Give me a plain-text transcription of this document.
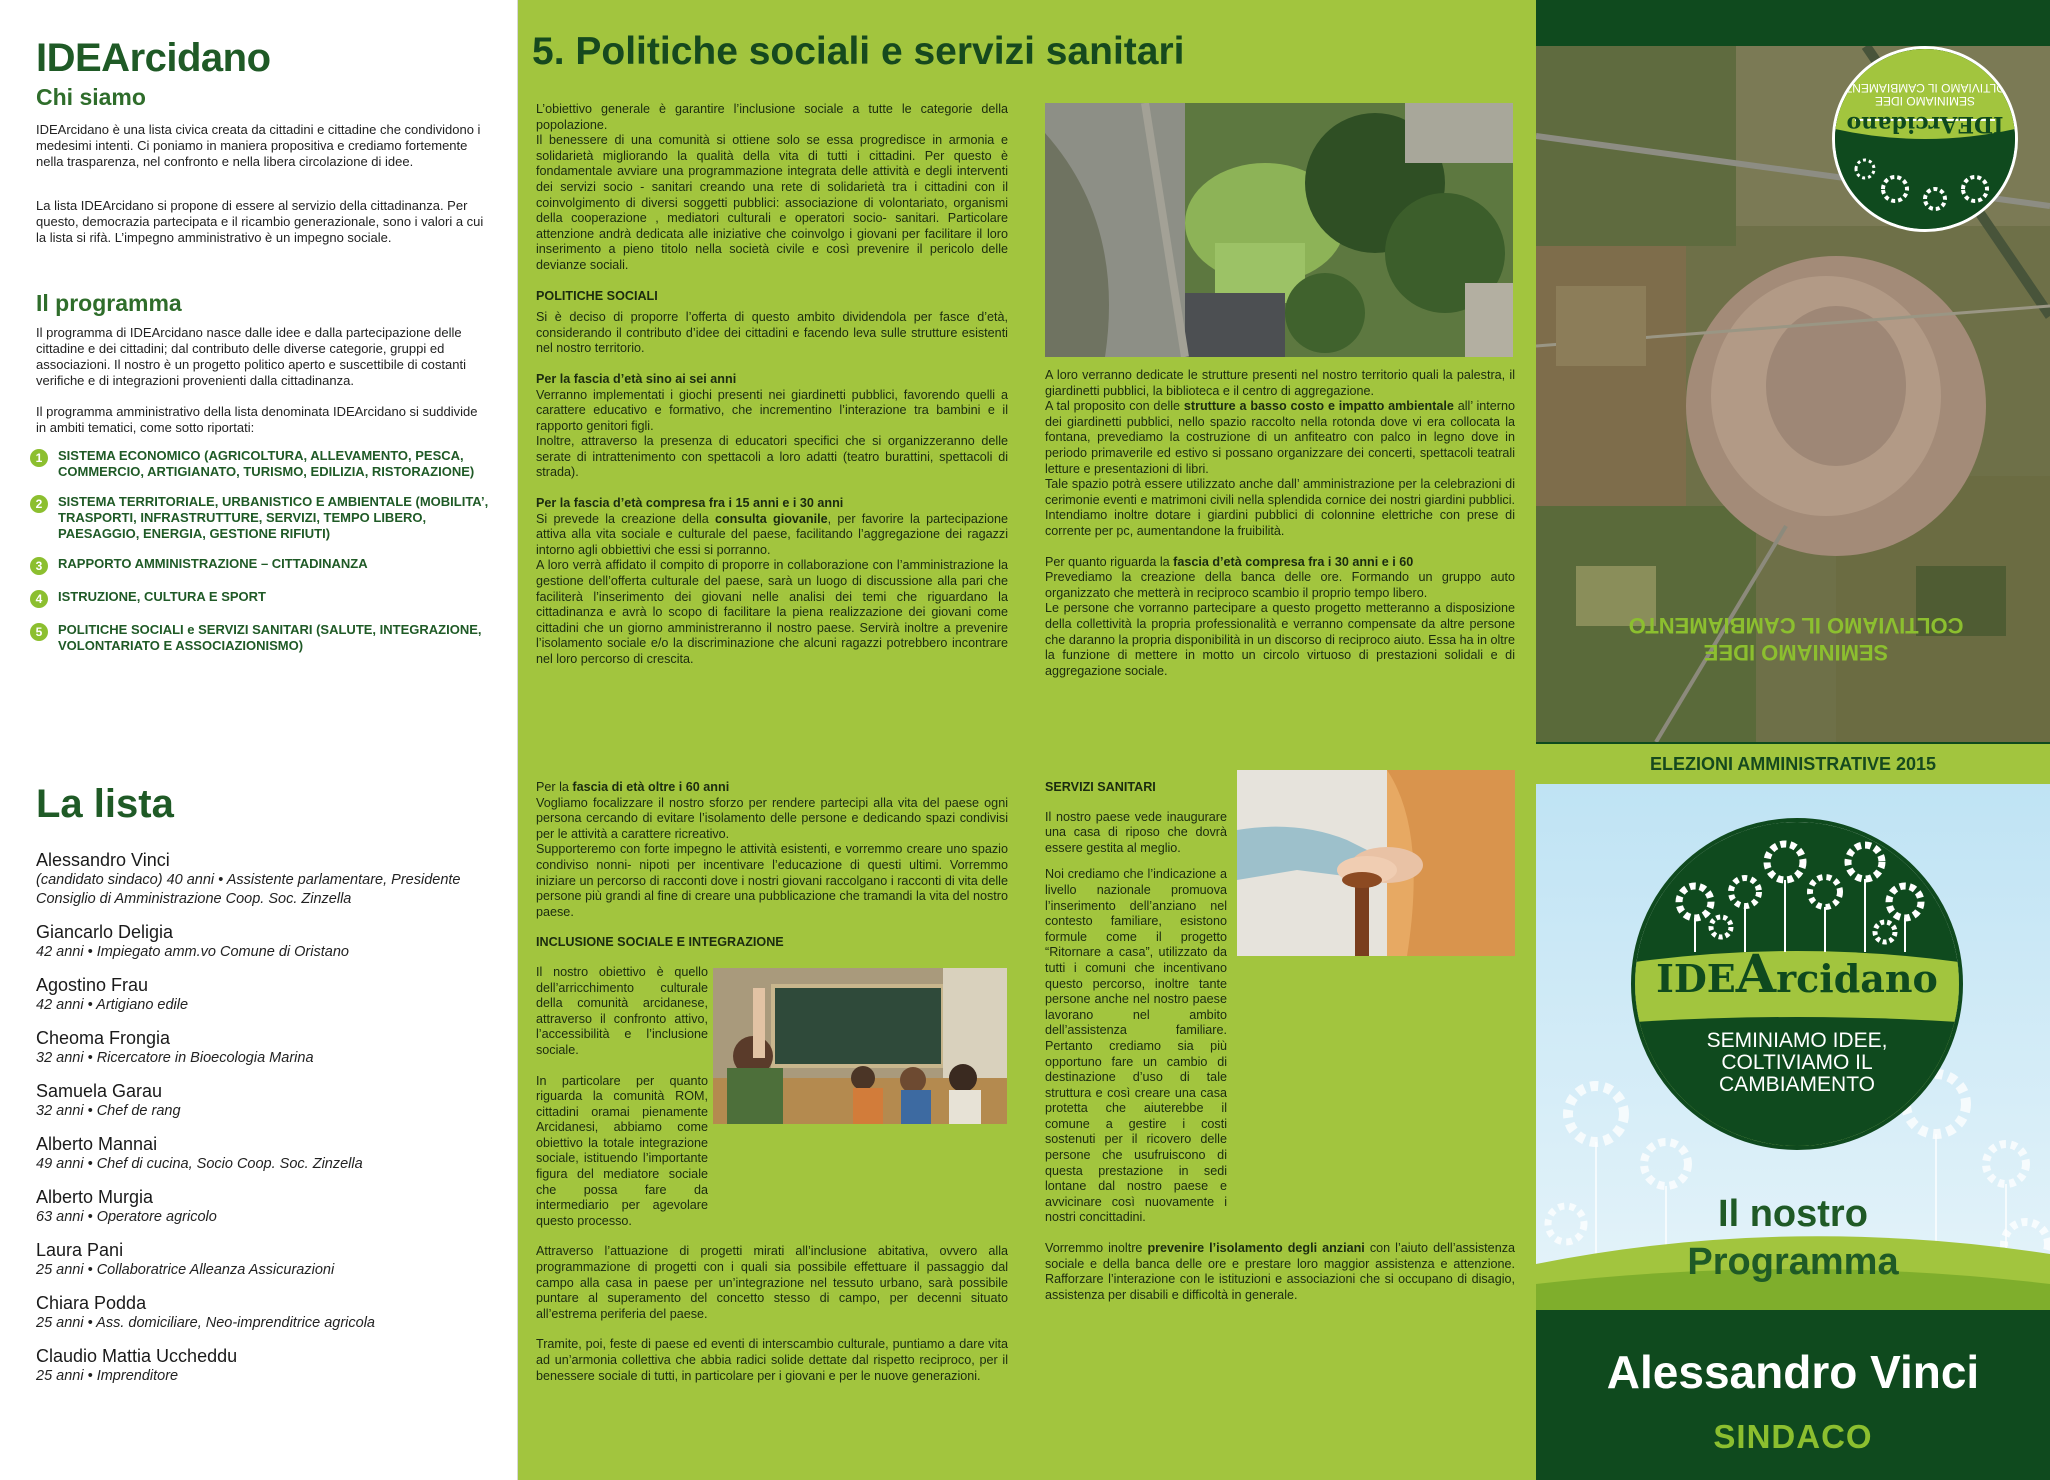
IDEArcidano
Chi siamo
IDEArcidano è una lista civica creata da cittadini e cittadine che condividono i medesimi intenti. Ci poniamo in maniera propositiva e crediamo fortemente nella trasparenza, nel confronto e nella libera circolazione di idee.
La lista IDEArcidano si propone di essere al servizio della cittadinanza. Per questo, democrazia partecipata e il ricambio generazionale, sono i valori a cui la lista si rifà. L’impegno amministrativo è un impegno sociale.
Il programma
Il programma di IDEArcidano nasce dalle idee e dalla partecipazione delle cittadine e dei cittadini; dal contributo delle diverse categorie, gruppi ed associazioni. Il nostro è un progetto politico aperto e suscettibile di costanti verifiche e di integrazioni provenienti dalla cittadinanza.
Il programma amministrativo della lista denominata IDEArcidano si suddivide in ambiti tematici, come sotto riportati:
1	SISTEMA ECONOMICO (AGRICOLTURA, ALLEVAMENTO, PESCA, COMMERCIO, ARTIGIANATO, TURISMO, EDILIZIA, RISTORAZIONE)
2	SISTEMA TERRITORIALE, URBANISTICO E AMBIENTALE (MOBILITA’, TRASPORTI, INFRASTRUTTURE, SERVIZI, TEMPO LIBERO, PAESAGGIO, ENERGIA, GESTIONE RIFIUTI)
3	RAPPORTO AMMINISTRAZIONE – CITTADINANZA
4	ISTRUZIONE, CULTURA E SPORT
5	POLITICHE SOCIALI e SERVIZI SANITARI (SALUTE, INTEGRAZIONE, VOLONTARIATO E ASSOCIAZIONISMO)
La lista
Alessandro Vinci
(candidato sindaco) 40 anni • Assistente parlamentare, Presidente Consiglio di Amministrazione Coop. Soc. Zinzella
Giancarlo Deligia
42 anni • Impiegato amm.vo Comune di Oristano
Agostino Frau
42 anni • Artigiano edile
Cheoma Frongia
32 anni • Ricercatore in Bioecologia Marina
Samuela Garau
32 anni • Chef de rang
Alberto Mannai
49 anni • Chef di cucina, Socio Coop. Soc. Zinzella
Alberto Murgia
63 anni • Operatore agricolo
Laura Pani
25 anni • Collaboratrice Alleanza Assicurazioni
Chiara Podda
25 anni • Ass. domiciliare, Neo-imprenditrice agricola
Claudio Mattia Uccheddu
25 anni • Imprenditore
5. Politiche sociali e servizi sanitari

L’obiettivo generale è garantire l’inclusione sociale a tutte le categorie della popolazione.
Il benessere di una comunità si ottiene solo se essa progredisce in armonia e solidarietà migliorando la qualità della vita di tutti i cittadini. Per questo è fondamentale avviare una programmazione integrata delle attività e degli interventi dei servizi socio - sanitari creando una rete di solidarietà tra i cittadini con il coinvolgimento di diversi soggetti pubblici: associazione di volontariato, organismi della cooperazione , mediatori culturali e operatori socio- sanitari. Particolare attenzione andrà dedicata alle iniziative che coinvolgo i giovani per facilitare il loro inserimento a pieno titolo nella società civile e così prevenire il pericolo delle devianze sociali.

POLITICHE SOCIALI

Si è deciso di proporre l’offerta di questo ambito dividendola per fasce d’età, considerando il contributo d’idee dei cittadini e facendo leva sulle strutture esistenti nel nostro territorio.

Per la fascia d’età sino ai sei anni

Verranno implementati i giochi presenti nei giardinetti pubblici, favorendo quelli a carattere educativo e formativo, che incrementino l’interazione tra bambini e il rapporto genitori figli.
Inoltre, attraverso la presenza di educatori specifici che si organizzeranno delle serate di intrattenimento con spettacoli a loro adatti (teatro burattini, spettacoli di strada).

Per la fascia d’età compresa fra i 15 anni e i 30 anni

Si prevede la creazione della consulta giovanile, per favorire la partecipazione attiva alla vita sociale e culturale del paese, facilitando l’aggregazione dei ragazzi intorno agli obbiettivi che essi si porranno.
A loro verrà affidato il compito di proporre in collaborazione con l’amministrazione la gestione dell’offerta culturale del paese, sarà un luogo di discussione alla pari che faciliterà l’inserimento dei giovani nelle analisi dei temi che riguardano la cittadinanza e avrà lo scopo di facilitare la piena realizzazione dei giovani come cittadini che un giorno amministreranno il nostro paese. Servirà inoltre a prevenire l’isolamento sociale e/o la discriminazione che alcuni ragazzi potrebbero incontrare nel loro percorso di crescita.

A loro verranno dedicate le strutture presenti nel nostro territorio quali la palestra, il giardinetti pubblici, la biblioteca e il centro di aggregazione.
A tal proposito con delle strutture a basso costo e impatto ambientale all’ interno dei giardinetti pubblici, nello spazio raccolto nella rotonda dove vi era collocata la fontana, prevediamo la costruzione di un anfiteatro con palco in legno dove in periodo primaverile ed estivo si possano organizzare dei concerti, spettacoli teatrali letture e presentazioni di libri.
Tale spazio potrà essere utilizzato anche dall’ amministrazione per la celebrazioni di cerimonie eventi e matrimoni civili nella splendida cornice dei nostri giardini pubblici. Intendiamo inoltre dotare i giardini pubblici di colonnine elettriche con prese di corrente per pc, aumentandone la fruibilità.

Per quanto riguarda la fascia d’età compresa fra i 30 anni e i 60
Prevediamo la creazione della banca delle ore. Formando un gruppo auto organizzato che metterà in reciproco scambio il proprio tempo libero.
Le persone che vorranno partecipare a questo progetto metteranno a disposizione della collettività la propria professionalità e verranno compensate da altre persone che daranno la propria disponibilità in un discorso di reciproco aiuto. Essa ha in oltre la funzione di mettere in motto un circolo virtuoso di prestazioni solidali e di aggregazione sociale.

Per la fascia di età oltre i 60 anni
Vogliamo focalizzare il nostro sforzo per rendere partecipi alla vita del paese ogni persona cercando di evitare l’isolamento delle persone e dedicando spazi condivisi per le attività a carattere ricreativo.
Supporteremo con forte impegno le attività esistenti, e vorremmo creare uno spazio condiviso nonni- nipoti per incentivare l’educazione di questi ultimi. Vorremmo iniziare un percorso di racconti dove i nostri giovani raccolgano i racconti di vita delle persone più grandi al fine di creare una pubblicazione che tramandi la vita del nostro paese.

INCLUSIONE SOCIALE E INTEGRAZIONE

Il nostro obiettivo è quello dell’arricchimento culturale della comunità arcidanese, attraverso il confronto attivo, l’accessibilità e l’inclusione sociale.

In particolare per quanto riguarda la comunità ROM, cittadini oramai pienamente Arcidanesi, abbiamo come obiettivo la totale integrazione sociale, istituendo l’importante figura del mediatore sociale che possa fare da intermediario per agevolare questo processo.

Attraverso l’attuazione di progetti mirati all’inclusione abitativa, ovvero alla programmazione di progetti con i quali sia possibile effettuare il passaggio dal campo alla casa in paese per un’integrazione nel tessuto urbano, sarà possibile puntare al superamento del concetto stesso di campo, per decenni situato all’estrema periferia del paese.

Tramite, poi, feste di paese ed eventi di interscambio culturale, puntiamo a dare vita ad un’armonia collettiva che abbia radici solide dettate dal rispetto reciproco, per il benessere sociale di tutti, in particolare per i giovani e per le nuove generazioni.

SERVIZI SANITARI

Il nostro paese vede inaugurare una casa di riposo che dovrà essere gestita al meglio.

Noi crediamo che l’indicazione a livello nazionale promuova l’inserimento dell’anziano nel contesto familiare, esistono formule come il progetto “Ritornare a casa”, utilizzato da tutti i comuni che incentivano questo percorso, inoltre tante persone anche nel nostro paese lavorano nel ambito dell’assistenza familiare. Pertanto crediamo sia più opportuno fare un cambio di destinazione d’uso di tale struttura e così creare una casa protetta che aiuterebbe il comune a gestire i costi sostenuti per il ricovero delle persone che usufruiscono di questa prestazione in sedi lontane dal nostro paese e avvicinare così nuovamente i nostri concittadini.

Vorremmo inoltre prevenire l’isolamento degli anziani con l’aiuto dell’assistenza sociale e della banca delle ore e prestare loro maggior assistenza e attenzione. Rafforzare l’interazione con le istituzioni e associazioni che si occupano di disagio, assistenza per disabili e difficoltà in generale.

SEMINIAMO IDEE
COLTIVIAMO IL CAMBIAMENTO
IDEArcidano
SEMINIAMO IDEE
COLTIVIAMO IL CAMBIAMENTO
ELEZIONI AMMINISTRATIVE 2015
IDEArcidano
SEMINIAMO IDEE,
COLTIVIAMO IL
CAMBIAMENTO
Il nostro
Programma
Alessandro Vinci
SINDACO
